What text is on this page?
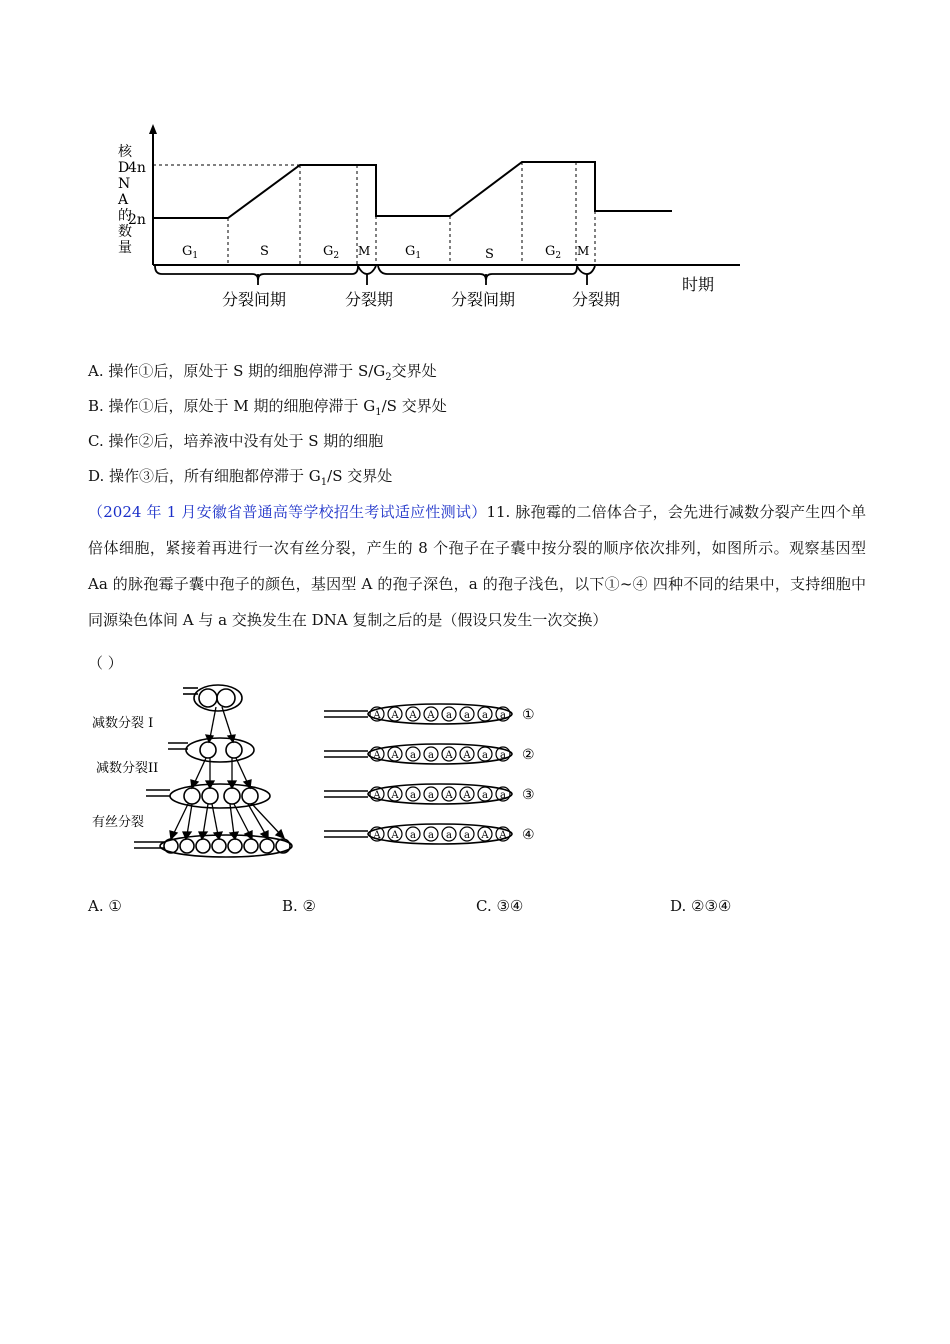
核 D N A 的数量
4n
2n
$G_1$	S	$G_2$ M	$G_1$	S	$G_2$ M
分裂间期	分裂期	分裂间期	分裂期
时期
A. 操作①后，原处于 S 期的细胞停滞于 $S/G_2$交界处
B. 操作①后，原处于 M 期的细胞停滞于 $G_1/S$ 交界处
C. 操作②后，培养液中没有处于 S 期的细胞
D. 操作③后，所有细胞都停滞于 $G_1/S$ 交界处
（2024 年 1 月安徽省普通高等学校招生考试适应性测试）11. 脉孢霉的二倍体合子，会先进行减数分裂产生四个单倍体细胞，紧接着再进行一次有丝分裂，产生的 8 个孢子在子囊中按分裂的顺序依次排列，如图所示。观察基因型 Aa 的脉孢霉子囊中孢子的颜色，基因型 A 的孢子深色，a 的孢子浅色，以下①~④ 四种不同的结果中，支持细胞中同源染色体间 A 与 a 交换发生在 DNA 复制之后的是（假设只发生一次交换）
（ ）
减数分裂 I
减数分裂II
有丝分裂
A A A A a a a a ①
A A a a A A a a ②
A A a a A A a a ③
A A a a a a A A ④
A. ①	B. ②	C. ③④	D. ②③④
